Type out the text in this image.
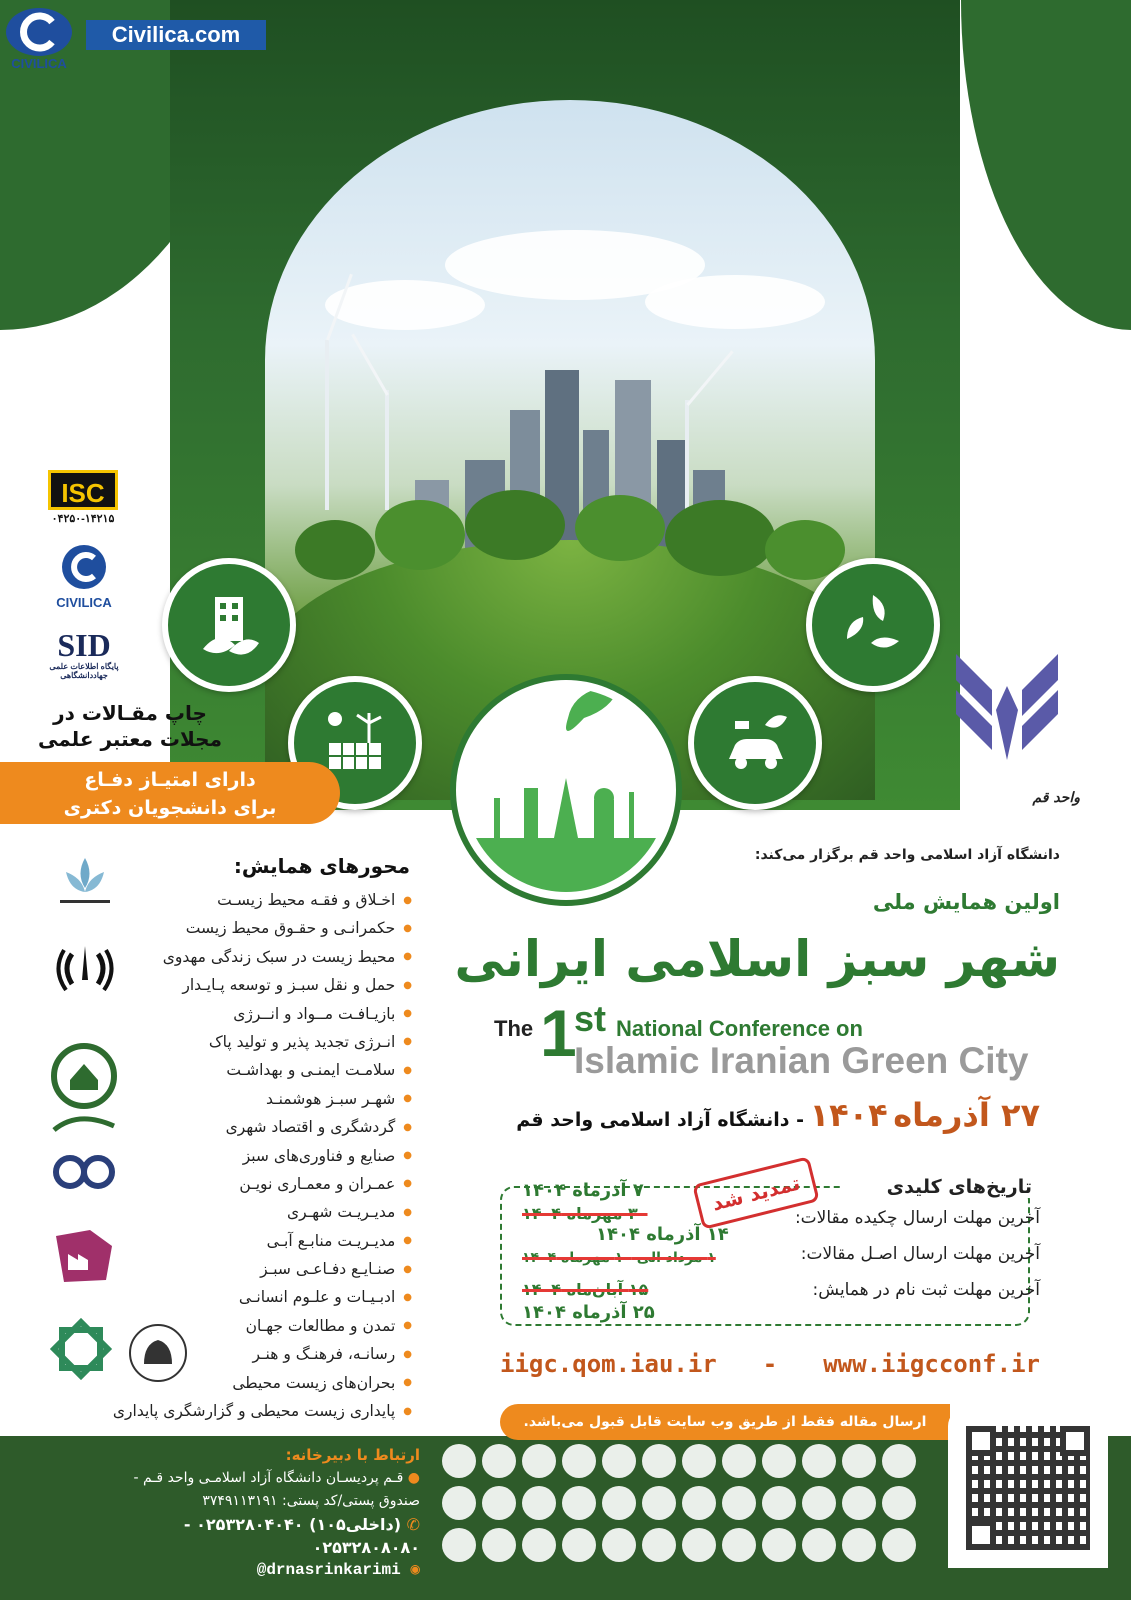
Civilica.com
CIVILICA
ISC
۰۴۲۵۰-۱۴۲۱۵
CIVILICA
SID
پایگاه اطلاعات علمی جهاددانشگاهی
چاپ مقـالات در
مجلات معتبر علمی
دارای امتیـاز دفـاع
برای دانشجویان دکتری
محورهای همایش:
● اخـلاق و فقـه محیط زیسـت
● حکمرانـی و حقـوق محیط زیست
● محیط زیست در سبک زندگی مهدوی
● حمل و نقل سبـز و توسعه پـایـدار
● بازیـافـت مــواد و انــرژی
● انـرژی تجدید پذیر و تولید پاک
● سلامـت ایمنـی و بهداشـت
● شهـر سبـز هوشمنـد
● گردشگری و اقتصاد شهری
● صنایع و فناوری‌های سبز
● عمـران و معمـاری نویـن
● مدیـریـت شهـری
● مدیـریـت منابـع آبـی
● صنـایـع دفـاعـی سبـز
● ادبـیـات و علـوم انسانـی
● تمدن و مطالعات جهـان
● رسانـه، فرهنـگ و هنـر
● بحران‌های زیست محیطی
● پایداری زیست محیطی و گزارشگری پایداری
واحد قم
دانشگاه آزاد اسلامی واحد قم برگزار می‌کند:
اولین همایش ملی
شهر سبز اسلامی ایرانی
The 1
st National Conference on
Islamic Iranian Green City
۲۷ آذرماه ۱۴۰۴ - دانشگاه آزاد اسلامی واحد قم
تاریخ‌های کلیدی
تمدید شد
آخرین مهلت ارسال چکیده مقالات:
آخرین مهلت ارسال اصـل مقالات:
آخرین مهلت ثبت نام در همایش:
۷ آذرماه ۱۴۰۴
۳۰ مهرماه ۱۴۰۴
۱۴ آذرماه ۱۴۰۴
۱ مرداد الی ۱۰ مهرماه ۱۴۰۴
۱۵ آبان‌ماه ۱۴۰۴
۲۵ آذرماه ۱۴۰۴
iigc.qom.iau.ir - www.iigcconf.ir
ارسال مقاله فقط از طریق وب سایت قابل قبول می‌باشد.
ارتباط با دبیرخانه:
● قـم پردیسـان دانشگاه آزاد اسلامـی واحد قـم -
صندوق پستی/کد پستی: ۳۷۴۹۱۱۳۱۹۱
✆ (داخلی۱۰۵) ۰۲۵۳۲۸۰۴۰۴۰ - ۰۲۵۳۲۸۰۸۰۸۰
@drnasrinkarimi ◉
